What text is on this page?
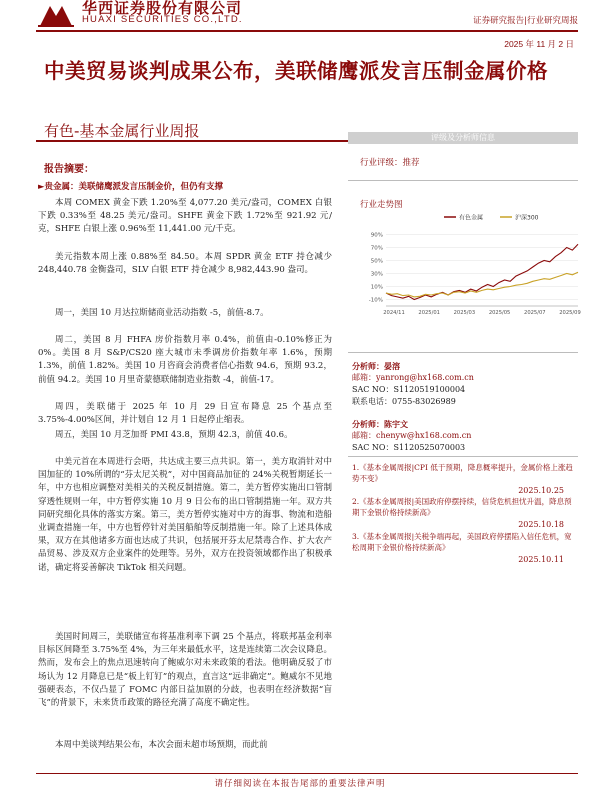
华西证券股份有限公司
HUAXI SECURITIES CO.,LTD.	证券研究报告|行业研究周报
2025 年 11 月 2 日
中美贸易谈判成果公布，美联储鹰派发言压制金属价格
有色-基本金属行业周报
报告摘要：
►贵金属：美联储鹰派发言压制金价，但仍有支撑

本周 COMEX 黄金下跌 1.20%至 4,077.20 美元/盎司，COMEX 白银下跌 0.33%至 48.25 美元/盎司。SHFE 黄金下跌 1.72%至 921.92 元/克，SHFE 白银上涨 0.96%至 11,441.00 元/千克。

美元指数本周上涨 0.88%至 84.50。本周 SPDR 黄金 ETF 持仓减少 248,440.78 金衡盎司，SLV 白银 ETF 持仓减少 8,982,443.90 盎司。

周一，美国 10 月达拉斯储商业活动指数 -5，前值-8.7。

周二，美国 8 月 FHFA 房价指数月率 0.4%，前值由-0.10%修正为 0%。美国 8 月 S&P/CS20 座大城市未季调房价指数年率 1.6%，预期 1.3%，前值 1.82%。美国 10 月咨商会消费者信心指数 94.6，预期 93.2，前值 94.2。美国 10 月里奇蒙德联储制造业指数 -4，前值-17。

周四，美联储于 2025 年 10 月 29 日宣布降息 25 个基点至 3.75%-4.00%区间，并计划自 12 月 1 日起停止缩表。

周五，美国 10 月芝加哥 PMI 43.8，预期 42.3，前值 40.6。

中美元首在本周进行会晤，共达成主要三点共识。第一，美方取消针对中国加征的 10%所谓的“芬太尼关税”，对中国商品加征的 24%关税暂期延长一年，中方也相应调整对美相关的关税反制措施。第二，美方暂停实施出口管制穿透性规则一年，中方暂停实施 10 月 9 日公布的出口管制措施一年。双方共同研究细化具体的落实方案。第三，美方暂停实施对中方的海事、物流和造船业调查措施一年，中方也暂停针对美国船舶等反制措施一年。除了上述具体成果，双方在其他诸多方面也达成了共识，包括展开芬太尼禁毒合作、扩大农产品贸易、涉及双方企业案件的处理等。另外，双方在投资领域都作出了积极承诺，确定将妥善解决 TikTok 相关问题。

美国时间周三，美联储宣布将基准利率下调 25 个基点，将联邦基金利率目标区间降至 3.75%至 4%，为三年来最低水平，这是连续第二次会议降息。然而，发布会上的焦点迅速转向了鲍威尔对未来政策的看法。他明确反驳了市场认为 12 月降息已是“板上钉钉”的观点，直言这“远非确定”。鲍威尔不见地强硬表态，不仅凸显了 FOMC 内部日益加剧的分歧，也表明在经济数据“盲飞”的背景下，未来货币政策的路径充满了高度不确定性。

本周中美谈判结果公布，本次会面未超市场预期，而此前

评级及分析师信息
行业评级：推荐
行业走势图
有色金属	沪深300
2024/11	2025/01	2025/03	2025/05	2025/07	2025/09
-10%
10%
30%
50%
70%
90%
分析师：晏溶
邮箱：yanrong@hx168.com.cn
SAC NO：S1120519100004
联系电话：0755-83026989
分析师：陈宇文
邮箱：chenyw@hx168.com.cn
SAC NO：S1120525070003
1.《基本金属周报|CPI 低于预期，降息概率提升，金属价格上涨趋势不变》
2025.10.25
2.《基本金属周报|美国政府停摆持续，信贷危机担忧升温，降息预期下金银价格持续新高》
2025.10.18
3.《基本金属周报|关税争端再起，美国政府停摆陷入信任危机，宽松周期下金银价格持续新高》
2025.10.11
请仔细阅读在本报告尾部的重要法律声明
